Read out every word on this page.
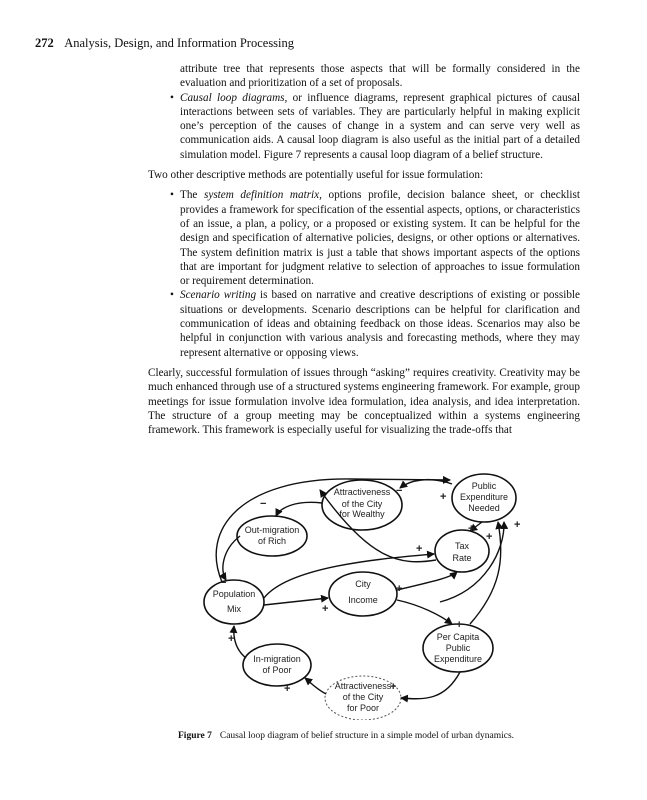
272 Analysis, Design, and Information Processing

attribute tree that represents those aspects that will be formally considered in the evaluation and prioritization of a set of proposals.

• Causal loop diagrams, or influence diagrams, represent graphical pictures of causal interactions between sets of variables. They are particularly helpful in making explicit one’s perception of the causes of change in a system and can serve very well as communication aids. A causal loop diagram is also useful as the initial part of a detailed simulation model. Figure 7 represents a causal loop diagram of a belief structure.

Two other descriptive methods are potentially useful for issue formulation:

• The system definition matrix, options profile, decision balance sheet, or checklist provides a framework for specification of the essential aspects, options, or characteristics of an issue, a plan, a policy, or a proposed or existing system. It can be helpful for the design and specification of alternative policies, designs, or other options or alternatives. The system definition matrix is just a table that shows important aspects of the options that are important for judgment relative to selection of approaches to issue formulation or requirement determination.

• Scenario writing is based on narrative and creative descriptions of existing or possible situations or developments. Scenario descriptions can be helpful for clarification and communication of ideas and obtaining feedback on those ideas. Scenarios may also be helpful in conjunction with various analysis and forecasting methods, where they may represent alternative or opposing views.

Clearly, successful formulation of issues through “asking” requires creativity. Creativity may be much enhanced through use of a structured systems engineering framework. For example, group meetings for issue formulation involve idea formulation, idea analysis, and idea interpretation. The structure of a group meeting may be conceptualized within a systems engineering framework. This framework is especially useful for visualizing the trade-offs that

Attractiveness
of the City
for Wealthy
Public
Expenditure
Needed
Out-migration
of Rich	Tax
Rate
Population
Mix
City
Income
Per Capita
Public
Expenditure
In-migration
of Poor
Attractiveness
of the City
for Poor
−	+
−
+	+
+
+
−	+
+
+
+
+
+
Figure 7 Causal loop diagram of belief structure in a simple model of urban dynamics.
